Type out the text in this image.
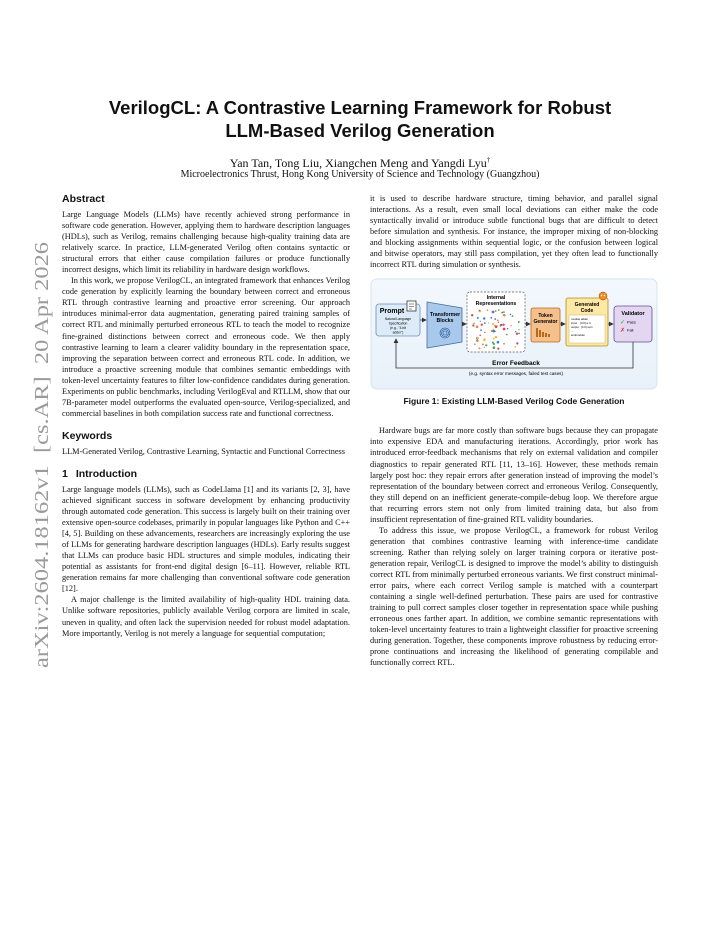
arXiv:2604.18162v1  [cs.AR]  20 Apr 2026
VerilogCL: A Contrastive Learning Framework for Robust
LLM-Based Verilog Generation
Yan Tan, Tong Liu, Xiangchen Meng and Yangdi Lyu†
Microelectronics Thrust, Hong Kong University of Science and Technology (Guangzhou)
Abstract

Large Language Models (LLMs) have recently achieved strong performance in software code generation. However, applying them to hardware description languages (HDLs), such as Verilog, remains challenging because high-quality training data are relatively scarce. In practice, LLM-generated Verilog often contains syntactic or structural errors that either cause compilation failures or produce functionally incorrect designs, which limit its reliability in hardware design workflows.

In this work, we propose VerilogCL, an integrated framework that enhances Verilog code generation by explicitly learning the boundary between correct and erroneous RTL through contrastive learning and proactive error screening. Our approach introduces minimal-error data augmentation, generating paired training samples of correct RTL and minimally perturbed erroneous RTL to teach the model to recognize fine-grained distinctions between correct and erroneous code. We then apply contrastive learning to learn a clearer validity boundary in the representation space, improving the separation between correct and erroneous RTL code. In addition, we introduce a proactive screening module that combines semantic embeddings with token-level uncertainty features to filter low-confidence candidates during generation. Experiments on public benchmarks, including VerilogEval and RTLLM, show that our 7B-parameter model outperforms the evaluated open-source, Verilog-specialized, and commercial baselines in both compilation success rate and functional correctness.

Keywords

LLM-Generated Verilog, Contrastive Learning, Syntactic and Functional Correctness

1 Introduction

Large language models (LLMs), such as CodeLlama [1] and its variants [2, 3], have achieved significant success in software development by enhancing productivity through automated code generation. This success is largely built on their training over extensive open-source codebases, primarily in popular languages like Python and C++ [4, 5]. Building on these advancements, researchers are increasingly exploring the use of LLMs for generating hardware description languages (HDLs). Early results suggest that LLMs can produce basic HDL structures and simple modules, indicating their potential as assistants for front-end digital design [6–11]. However, reliable RTL generation remains far more challenging than conventional software code generation [12].

A major challenge is the limited availability of high-quality HDL training data. Unlike software repositories, publicly available Verilog corpora are limited in scale, uneven in quality, and often lack the supervision needed for robust model adaptation. More importantly, Verilog is not merely a language for sequential computation;

it is used to describe hardware structure, timing behavior, and parallel signal interactions. As a result, even small local deviations can either make the code syntactically invalid or introduce subtle functional bugs that are difficult to detect before simulation and synthesis. For instance, the improper mixing of non-blocking and blocking assignments within sequential logic, or the confusion between logical and bitwise operators, may still pass compilation, yet they often lead to functionally incorrect RTL during simulation or synthesis.

Prompt
Natural Language
Specification
(e.g., "4-bit
adder")
Transformer
Blocks
Internal
Representations
Token
Generator
Generated
Code
module adder
input    [3:0] a, b
output   [4:0] sum
...
endmodule
Validator
✓ Pass
✗ Fail
Error Feedback
(e.g. syntax error messages, failed test cases)
Figure 1: Existing LLM-Based Verilog Code Generation

Hardware bugs are far more costly than software bugs because they can propagate into expensive EDA and manufacturing iterations. Accordingly, prior work has introduced error-feedback mechanisms that rely on external validation and compiler diagnostics to repair generated RTL [11, 13–16]. However, these methods remain largely post hoc: they repair errors after generation instead of improving the model’s representation of the boundary between correct and erroneous Verilog. Consequently, they still depend on an inefficient generate-compile-debug loop. We therefore argue that recurring errors stem not only from limited training data, but also from insufficient representation of fine-grained RTL validity boundaries.

To address this issue, we propose VerilogCL, a framework for robust Verilog generation that combines contrastive learning with inference-time candidate screening. Rather than relying solely on larger training corpora or iterative post-generation repair, VerilogCL is designed to improve the model’s ability to distinguish correct RTL from minimally perturbed erroneous variants. We first construct minimal-error pairs, where each correct Verilog sample is matched with a counterpart containing a single well-defined perturbation. These pairs are used for contrastive training to pull correct samples closer together in representation space while pushing erroneous ones farther apart. In addition, we combine semantic representations with token-level uncertainty features to train a lightweight classifier for proactive screening during generation. Together, these components improve robustness by reducing error-prone continuations and increasing the likelihood of generating compilable and functionally correct RTL.
